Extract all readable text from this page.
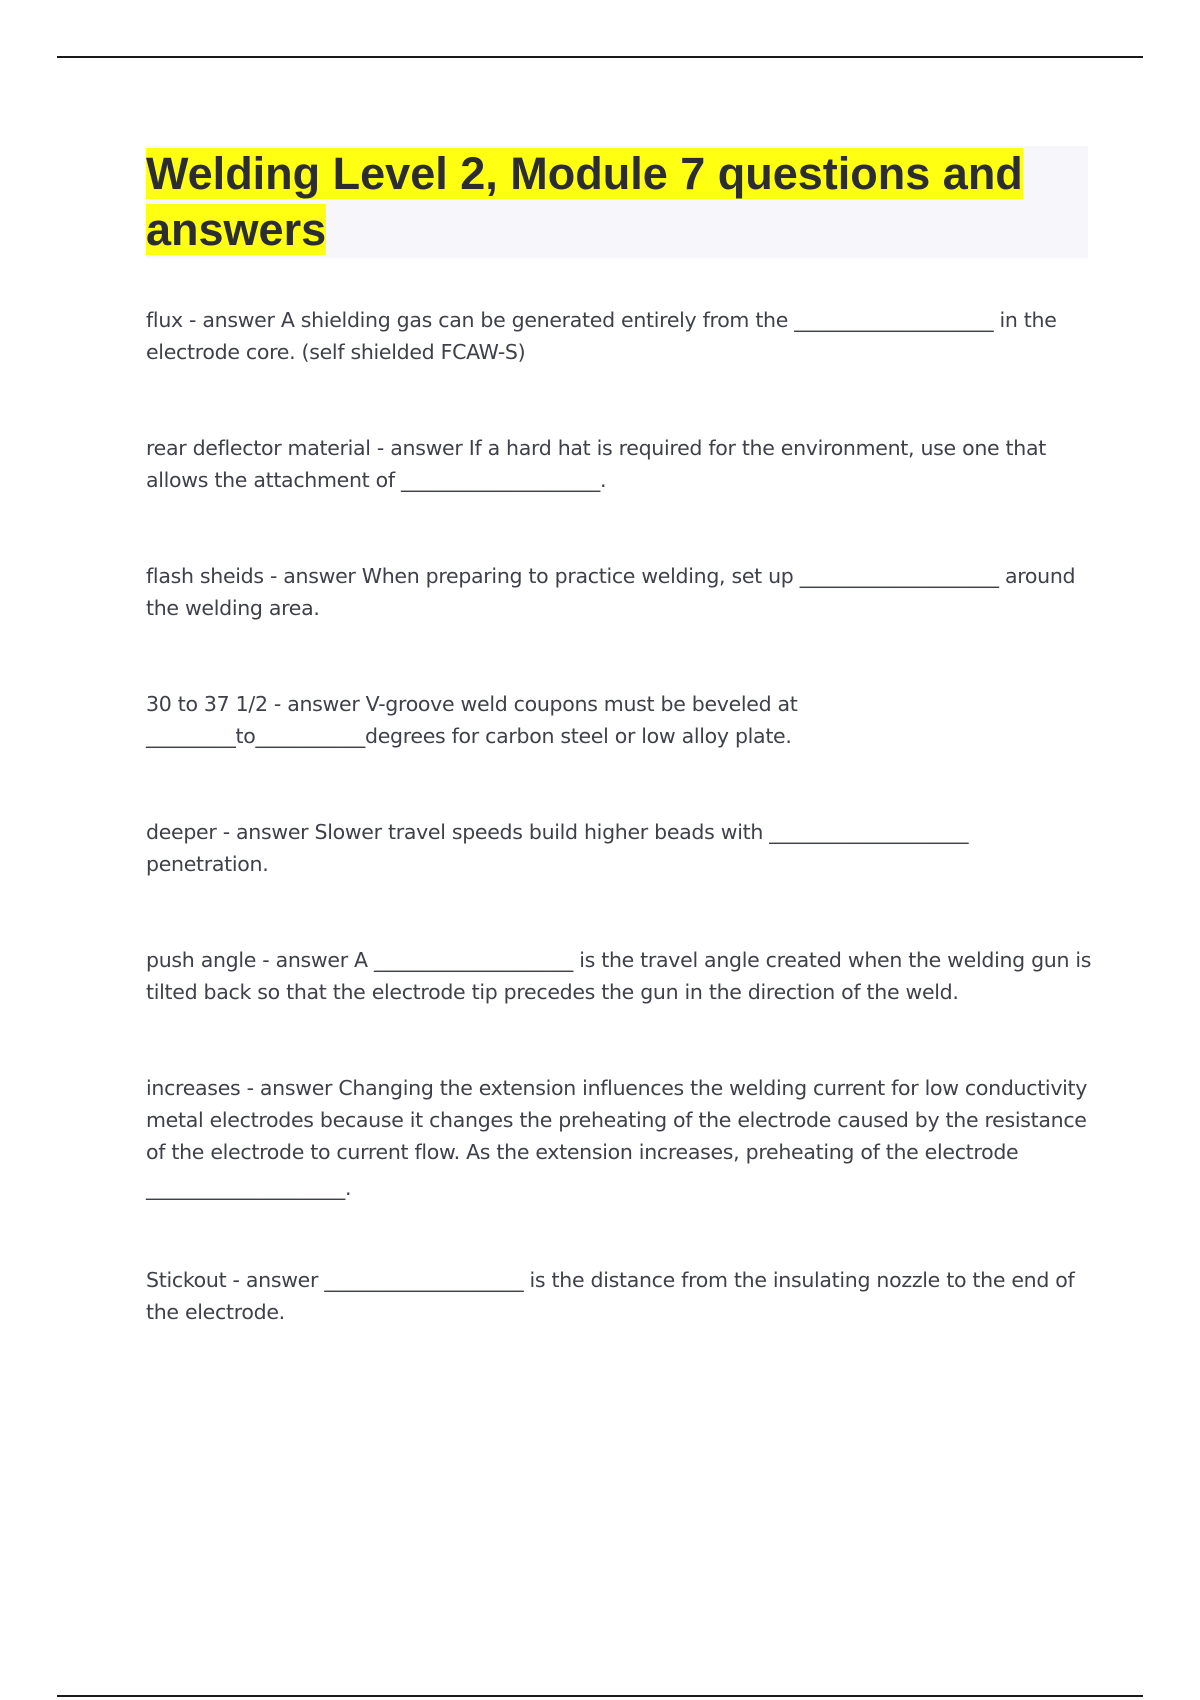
Welding Level 2, Module 7 questions and answers

flux - answer A shielding gas can be generated entirely from the ____________________ in the electrode core. (self shielded FCAW-S)

rear deflector material - answer If a hard hat is required for the environment, use one that allows the attachment of ____________________.

flash sheids - answer When preparing to practice welding, set up ____________________ around the welding area.

30 to 37 1/2 - answer V-groove weld coupons must be beveled at _________to___________degrees for carbon steel or low alloy plate.

deeper - answer Slower travel speeds build higher beads with ____________________ penetration.

push angle - answer A ____________________ is the travel angle created when the welding gun is tilted back so that the electrode tip precedes the gun in the direction of the weld.

increases - answer Changing the extension influences the welding current for low conductivity metal electrodes because it changes the preheating of the electrode caused by the resistance of the electrode to current flow. As the extension increases, preheating of the electrode
____________________.

Stickout - answer ____________________ is the distance from the insulating nozzle to the end of the electrode.
